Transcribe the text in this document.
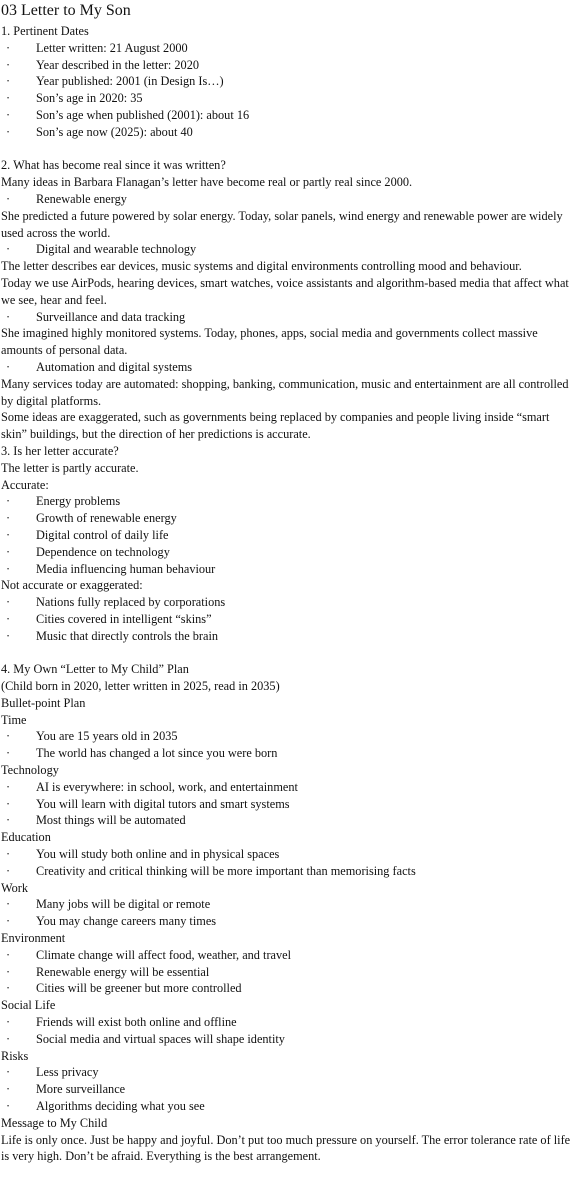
03 Letter to My Son
1. Pertinent Dates
· Letter written: 21 August 2000
· Year described in the letter: 2020
· Year published: 2001 (in Design Is…)
· Son’s age in 2020: 35
· Son’s age when published (2001): about 16
· Son’s age now (2025): about 40
2. What has become real since it was written?
Many ideas in Barbara Flanagan’s letter have become real or partly real since 2000.
· Renewable energy
She predicted a future powered by solar energy. Today, solar panels, wind energy and renewable power are widely used across the world.
· Digital and wearable technology
The letter describes ear devices, music systems and digital environments controlling mood and behaviour.
Today we use AirPods, hearing devices, smart watches, voice assistants and algorithm-based media that affect what we see, hear and feel.
· Surveillance and data tracking
She imagined highly monitored systems. Today, phones, apps, social media and governments collect massive amounts of personal data.
· Automation and digital systems
Many services today are automated: shopping, banking, communication, music and entertainment are all controlled by digital platforms.
Some ideas are exaggerated, such as governments being replaced by companies and people living inside “smart skin” buildings, but the direction of her predictions is accurate.
3. Is her letter accurate?
The letter is partly accurate.
Accurate:
· Energy problems
· Growth of renewable energy
· Digital control of daily life
· Dependence on technology
· Media influencing human behaviour
Not accurate or exaggerated:
· Nations fully replaced by corporations
· Cities covered in intelligent “skins”
· Music that directly controls the brain
4. My Own “Letter to My Child” Plan
(Child born in 2020, letter written in 2025, read in 2035)
Bullet-point Plan
Time
· You are 15 years old in 2035
· The world has changed a lot since you were born
Technology
· AI is everywhere: in school, work, and entertainment
· You will learn with digital tutors and smart systems
· Most things will be automated
Education
· You will study both online and in physical spaces
· Creativity and critical thinking will be more important than memorising facts
Work
· Many jobs will be digital or remote
· You may change careers many times
Environment
· Climate change will affect food, weather, and travel
· Renewable energy will be essential
· Cities will be greener but more controlled
Social Life
· Friends will exist both online and offline
· Social media and virtual spaces will shape identity
Risks
· Less privacy
· More surveillance
· Algorithms deciding what you see
Message to My Child
Life is only once. Just be happy and joyful. Don’t put too much pressure on yourself. The error tolerance rate of life is very high. Don’t be afraid. Everything is the best arrangement.
